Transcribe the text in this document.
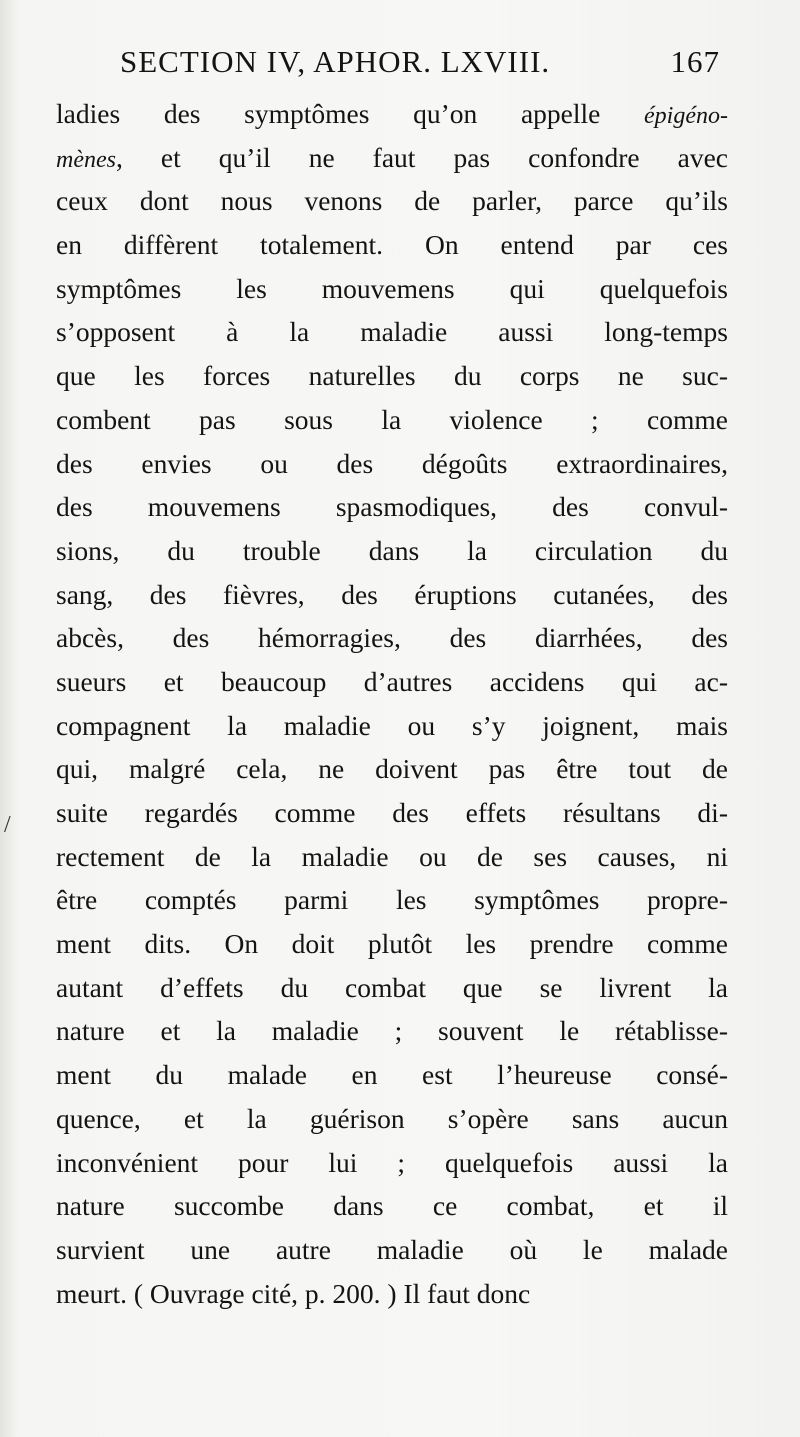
SECTION IV, APHOR. LXVIII.	167
ladies des symptômes qu’on appelle épigéno-
mènes, et qu’il ne faut pas confondre avec
ceux dont nous venons de parler, parce qu’ils
en diffèrent totalement. On entend par ces
symptômes les mouvemens qui quelquefois
s’opposent à la maladie aussi long-temps
que les forces naturelles du corps ne suc-
combent pas sous la violence ; comme
des envies ou des dégoûts extraordinaires,
des mouvemens spasmodiques, des convul-
sions, du trouble dans la circulation du
sang, des fièvres, des éruptions cutanées, des
abcès, des hémorragies, des diarrhées, des
sueurs et beaucoup d’autres accidens qui ac-
compagnent la maladie ou s’y joignent, mais
qui, malgré cela, ne doivent pas être tout de
suite regardés comme des effets résultans di-
rectement de la maladie ou de ses causes, ni
être comptés parmi les symptômes propre-
ment dits. On doit plutôt les prendre comme
autant d’effets du combat que se livrent la
nature et la maladie ; souvent le rétablisse-
ment du malade en est l’heureuse consé-
quence, et la guérison s’opère sans aucun
inconvénient pour lui ; quelquefois aussi la
nature succombe dans ce combat, et il
survient une autre maladie où le malade
meurt. ( Ouvrage cité, p. 200. ) Il faut donc
/
